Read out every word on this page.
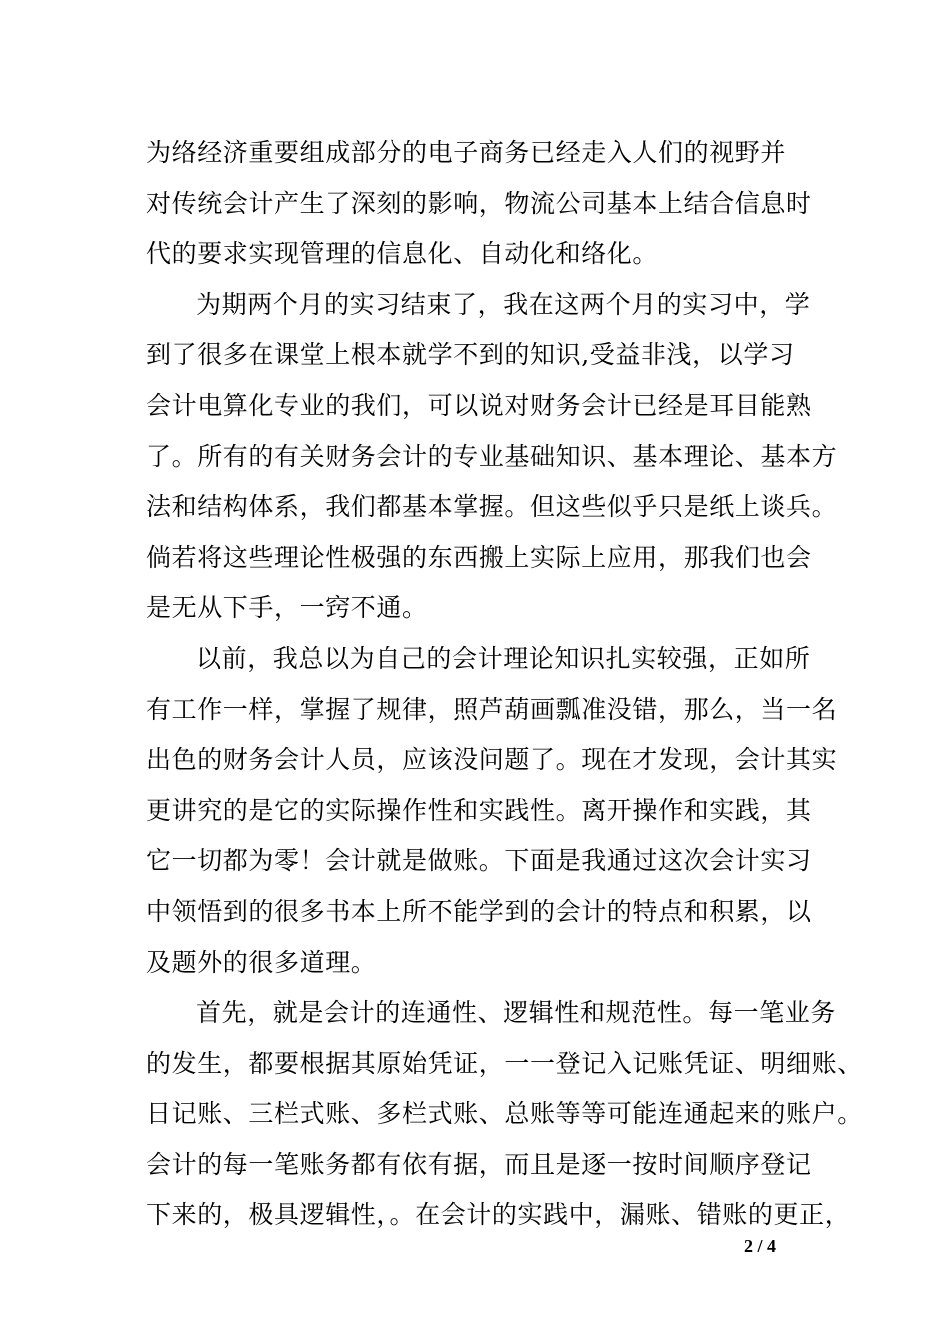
为络经济重要组成部分的电子商务已经走入人们的视野并
对传统会计产生了深刻的影响，物流公司基本上结合信息时
代的要求实现管理的信息化、自动化和络化。
为期两个月的实习结束了，我在这两个月的实习中，学
到了很多在课堂上根本就学不到的知识,受益非浅，以学习
会计电算化专业的我们，可以说对财务会计已经是耳目能熟
了。所有的有关财务会计的专业基础知识、基本理论、基本方
法和结构体系，我们都基本掌握。但这些似乎只是纸上谈兵。
倘若将这些理论性极强的东西搬上实际上应用，那我们也会
是无从下手，一窍不通。
以前，我总以为自己的会计理论知识扎实较强，正如所
有工作一样，掌握了规律，照芦葫画瓢准没错，那么，当一名
出色的财务会计人员，应该没问题了。现在才发现，会计其实
更讲究的是它的实际操作性和实践性。离开操作和实践，其
它一切都为零！会计就是做账。下面是我通过这次会计实习
中领悟到的很多书本上所不能学到的会计的特点和积累，以
及题外的很多道理。
首先，就是会计的连通性、逻辑性和规范性。每一笔业务
的发生，都要根据其原始凭证，一一登记入记账凭证、明细账、
日记账、三栏式账、多栏式账、总账等等可能连通起来的账户。
会计的每一笔账务都有依有据，而且是逐一按时间顺序登记
下来的，极具逻辑性，。在会计的实践中，漏账、错账的更正，
2 / 4
